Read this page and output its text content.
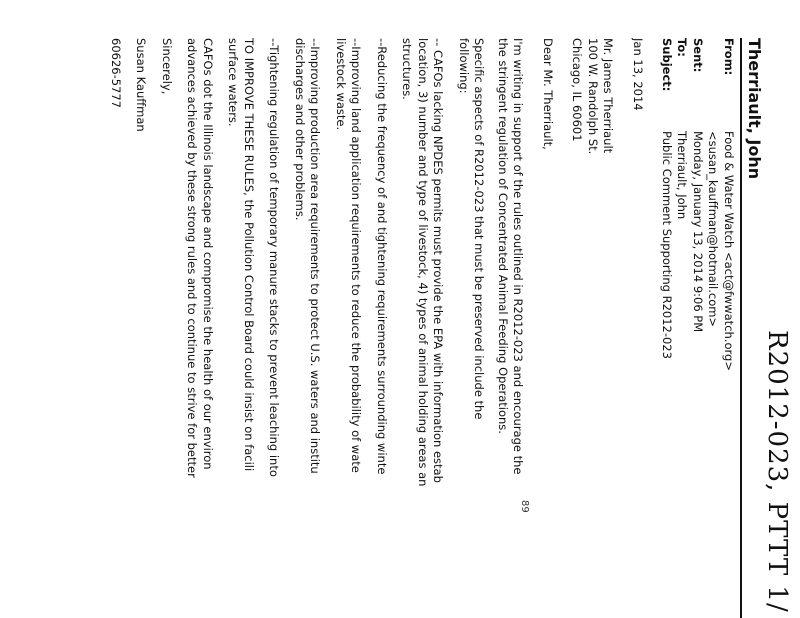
R2012-023, PTTT 1/
Therriault, John
From:
Food & Water Watch <act@fwwatch.org>
<susan_kauffman@hotmail.com>
Sent:
Monday, January 13, 2014 9:06 PM
To:
Therriault, John
Subject:
Public Comment Supporting R2012-023

Jan 13, 2014

Mr. James Therriault

100 W. Randolph St.

Chicago, IL 60601

Dear Mr. Therriault,

I'm writing in support of the rules outlined in R2012-023 and encourage the

the stringent regulation of Concentrated Animal Feeding Operations.

Specific aspects of R2012-023 that must be preserved include the

following:

-- CAFOs lacking NPDES permits must provide the EPA with information estab

location, 3) number and type of livestock, 4) types of animal holding areas an

structures.

--Reducing the frequency of and tightening requirements surrounding winte

--Improving land application requirements to reduce the probability of wate

livestock waste.

--Improving production area requirements to protect U.S. waters and institu

discharges and other problems.

--Tightening regulation of temporary manure stacks to prevent leaching into

TO IMPROVE THESE RULES, the Pollution Control Board could insist on facili

surface waters.

CAFOs dot the Illinois landscape and compromise the health of our environ

advances achieved by these strong rules and to continue to strive for better

Sincerely,

Susan Kauffman

60626-5777

89
